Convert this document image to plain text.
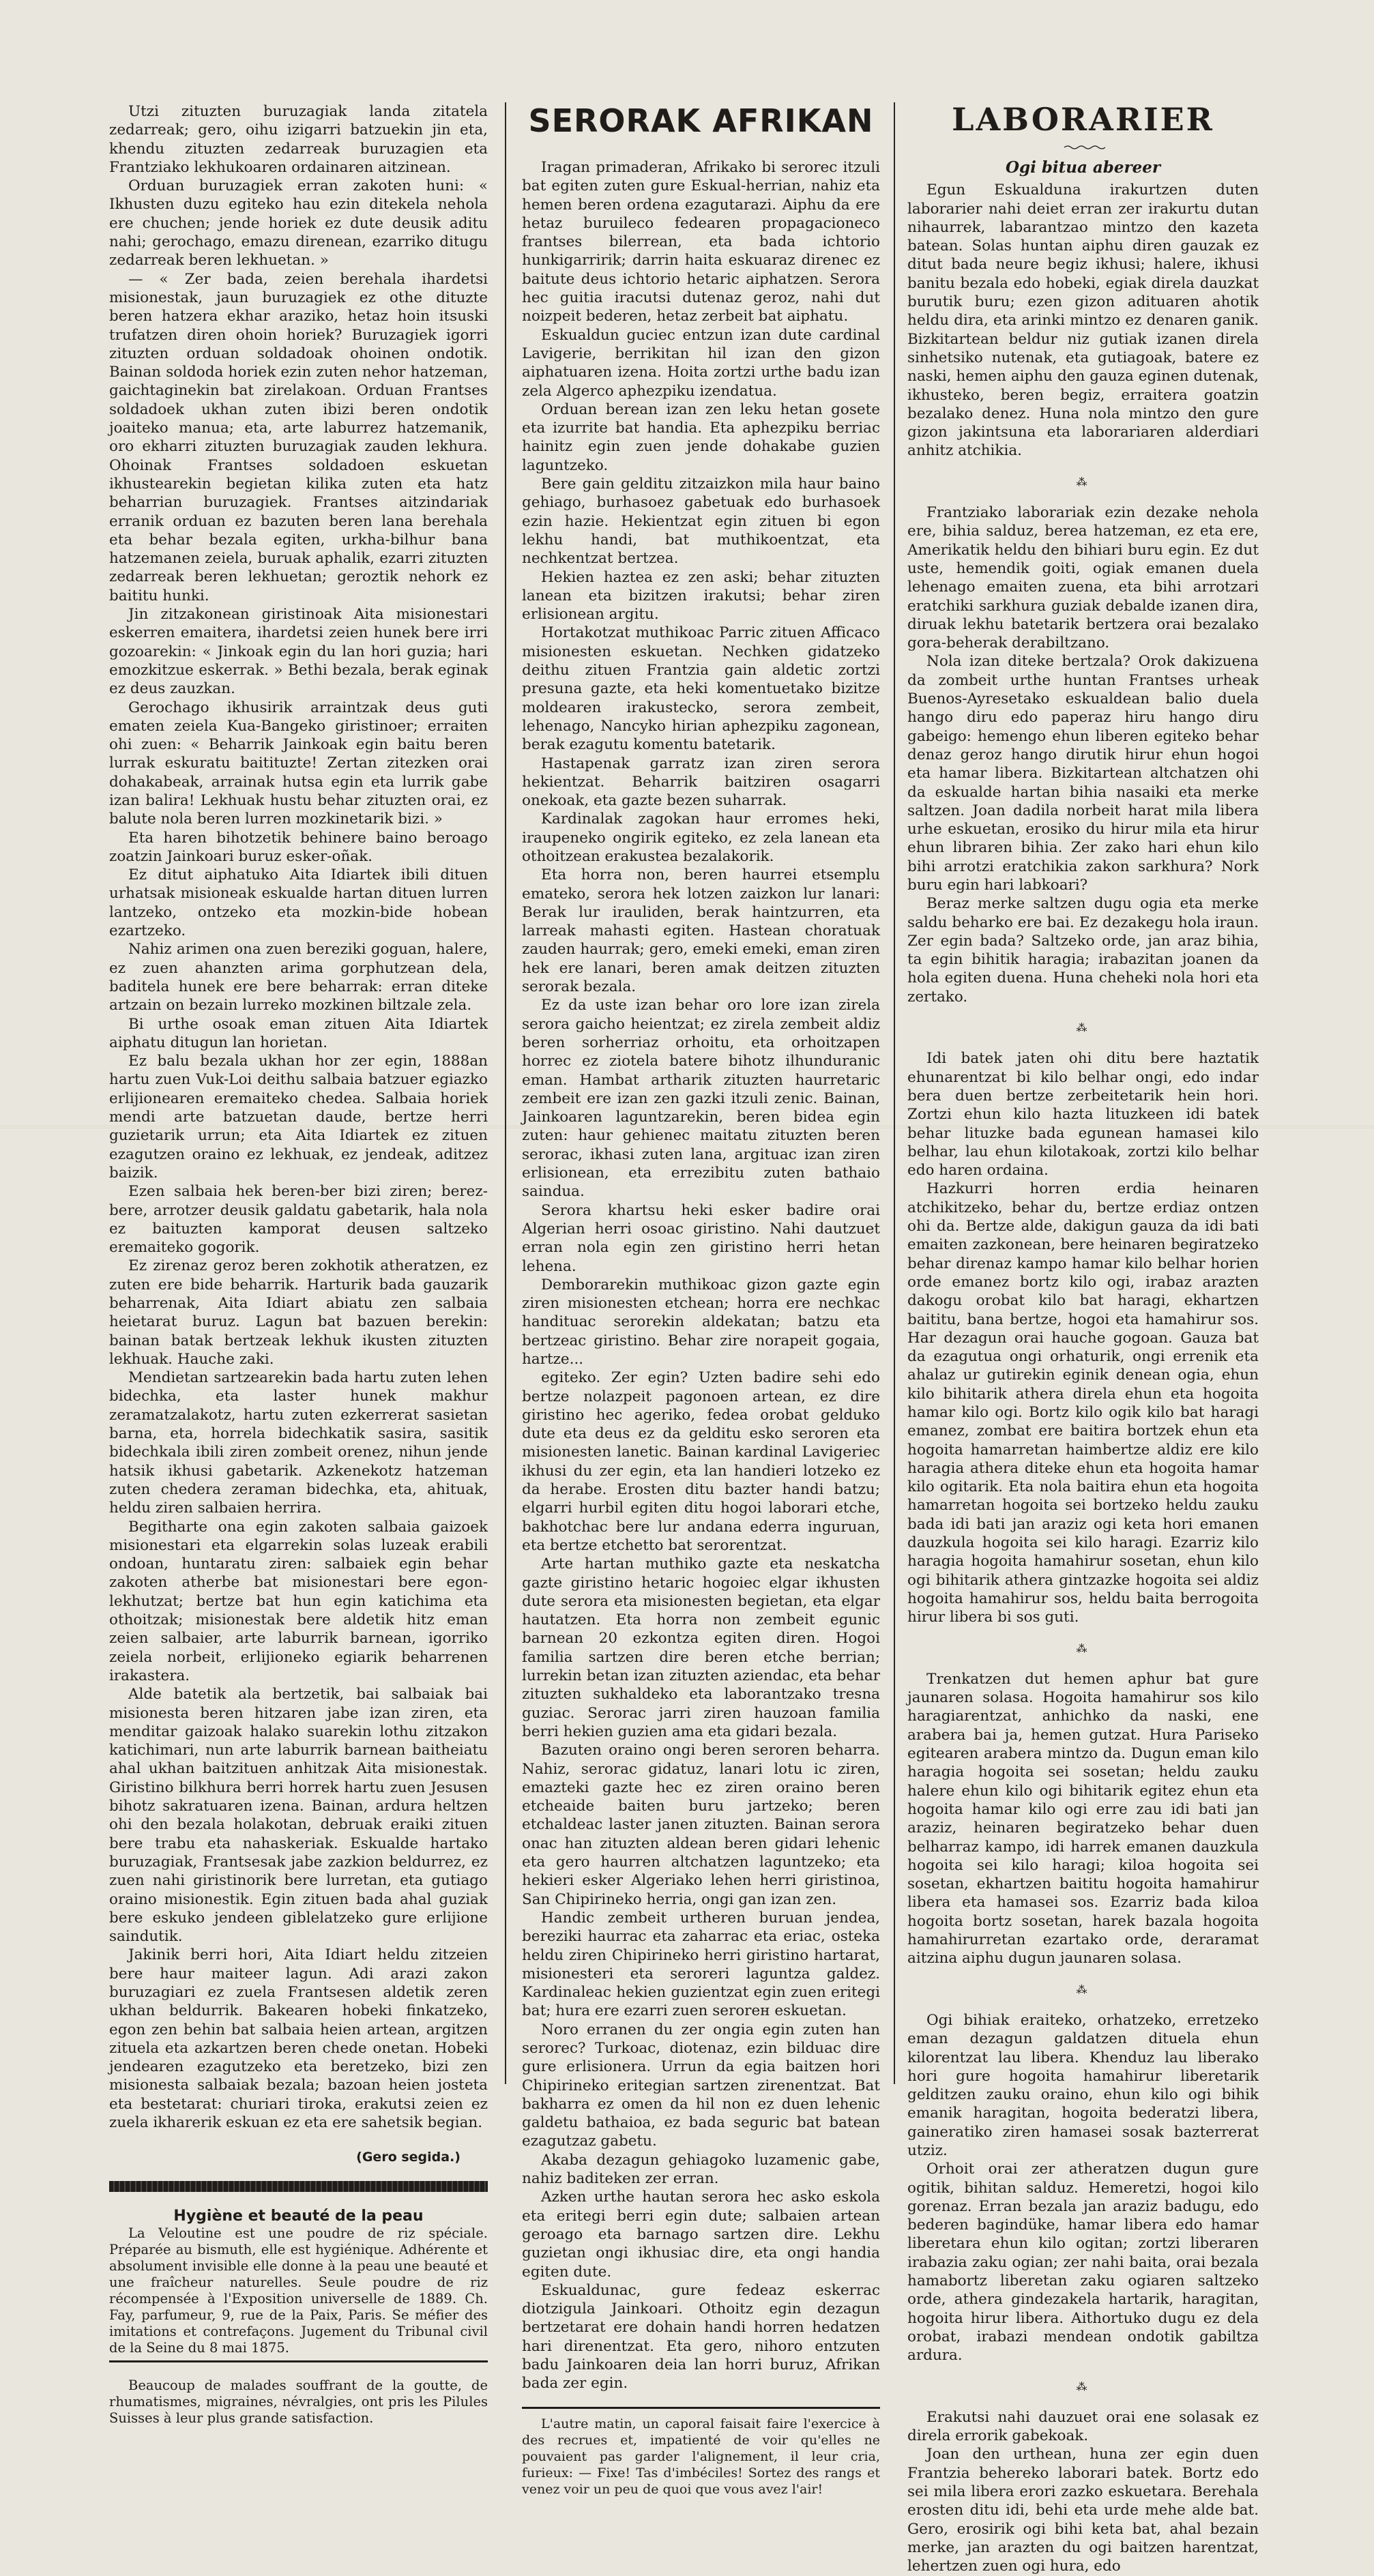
Utzi zituzten buruzagiak landa zitatela zedarreak; gero, oihu izigarri batzuekin jin eta, khendu zituzten zedarreak buruzagien eta Frantziako lekhukoaren ordainaren aitzinean.

Orduan buruzagiek erran zakoten huni: « Ikhusten duzu egiteko hau ezin ditekela nehola ere chuchen; jende horiek ez dute deusik aditu nahi; gerochago, emazu direnean, ezarriko ditugu zedarreak beren lekhuetan. »

— « Zer bada, zeien berehala ihardetsi misionestak, jaun buruzagiek ez othe dituzte beren hatzera ekhar araziko, hetaz hoin itsuski trufatzen diren ohoin horiek? Buruzagiek igorri zituzten orduan soldadoak ohoinen ondotik. Bainan soldoda horiek ezin zuten nehor hatzeman, gaichtaginekin bat zirelakoan. Orduan Frantses soldadoek ukhan zuten ibizi beren ondotik joaiteko manua; eta, arte laburrez hatzemanik, oro ekharri zituzten buruzagiak zauden lekhura. Ohoinak Frantses soldadoen eskuetan ikhustearekin begietan kilika zuten eta hatz beharrian buruzagiek. Frantses aitzindariak erranik orduan ez bazuten beren lana berehala eta behar bezala egiten, urkha-bilhur bana hatzemanen zeiela, buruak aphalik, ezarri zituzten zedarreak beren lekhuetan; geroztik nehork ez baititu hunki.

Jin zitzakonean giristinoak Aita misionestari eskerren emaitera, ihardetsi zeien hunek bere irri gozoarekin: « Jinkoak egin du lan hori guzia; hari emozkitzue eskerrak. » Bethi bezala, berak eginak ez deus zauzkan.

Gerochago ikhusirik arraintzak deus guti ematen zeiela Kua-Bangeko giristinoer; erraiten ohi zuen: « Beharrik Jainkoak egin baitu beren lurrak eskuratu baitituzte! Zertan zitezken orai dohakabeak, arrainak hutsa egin eta lurrik gabe izan balira! Lekhuak hustu behar zituzten orai, ez balute nola beren lurren mozkinetarik bizi. »

Eta haren bihotzetik behinere baino beroago zoatzin Jainkoari buruz esker-oñak.

Ez ditut aiphatuko Aita Idiartek ibili dituen urhatsak misioneak eskualde hartan dituen lurren lantzeko, ontzeko eta mozkin-bide hobean ezartzeko.

Nahiz arimen ona zuen bereziki goguan, halere, ez zuen ahanzten arima gorphutzean dela, baditela hunek ere bere beharrak: erran ditekе artzain on bezain lurreko mozkinen biltzale zela.

Bi urthe osoak eman zituen Aita Idiartek aiphatu ditugun lan horietan.

Ez balu bezala ukhan hor zer egin, 1888an hartu zuen Vuk-Loi deithu salbaia batzuer egiazko erlijionearen eremaiteko chedea. Salbaia horiek mendi arte batzuetan daude, bertze herri guzietarik urrun; eta Aita Idiartek ez zituen ezagutzen oraino ez lekhuak, ez jendeak, aditzez baizik.

Ezen salbaia hek beren-ber bizi ziren; berez-bere, arrotzer deusik galdatu gabetarik, hala nola ez baituzten kamporat deusen saltzeko eremaiteko gogorik.

Ez zirenaz geroz beren zokhotik atheratzen, ez zuten ere bide beharrik. Harturik bada gauzarik beharrenak, Aita Idiart abiatu zen salbaia heietarat buruz. Lagun bat bazuen berekin: bainan batak bertzeak lekhuk ikusten zituzten lekhuak. Hauche zaki.

Mendietan sartzearekin bada hartu zuten lehen bidechka, eta laster hunek makhur zeramatzalakotz, hartu zuten ezkerrerat sasietan barna, eta, horrela bidechkatik sasira, sasitik bidechkala ibili ziren zombeit orenez, nihun jende hatsik ikhusi gabetarik. Azkenekotz hatzeman zuten chedera zeraman bidechka, eta, ahituak, heldu ziren salbaien herrira.

Begitharte ona egin zakoten salbaia gaizoek misionestari eta elgarrekin solas luzeak erabili ondoan, huntaratu ziren: salbaiek egin behar zakoten atherbe bat misionestari bere egon-lekhutzat; bertze bat hun egin katichima eta othoitzak; misionestak bere aldetik hitz eman zeien salbaier, arte laburrik barnean, igorriko zeiela norbeit, erlijioneko egiarik beharrenen irakastera.

Alde batetik ala bertzetik, bai salbaiak bai misionesta beren hitzaren jabe izan ziren, eta menditar gaizoak halako suarekin lothu zitzakon katichimari, nun arte laburrik barnean baitheiatu ahal ukhan baitzituen anhitzak Aita misionestak. Giristino bilkhura berri horrek hartu zuen Jesusen bihotz sakratuaren izena. Bainan, ardura heltzen ohi den bezala holakotan, debruak eraiki zituen bere trabu eta nahaskeriak. Eskualde hartako buruzagiak, Frantsesak jabe zazkion beldurrez, ez zuen nahi giristinorik bere lurretan, eta gutiago oraino misionestik. Egin zituen bada ahal guziak bere eskuko jendeen giblelatzeko gure erlijione saindutik.

Jakinik berri hori, Aita Idiart heldu zitzeien bere haur maiteer lagun. Adi arazi zakon buruzagiari ez zuela Frantsesen aldetik zeren ukhan beldurrik. Bakearen hobeki finkatzeko, egon zen behin bat salbaia heien artean, argitzen zituela eta azkartzen beren chede onetan. Hobeki jendearen ezagutzeko eta beretzeko, bizi zen misionesta salbaiak bezala; bazoan heien josteta eta bestetarat: churiari tiroka, erakutsi zeien ez zuela ikharerik eskuan ez eta ere sahetsik begian.

(Gero segida.)

Hygiène et beauté de la peau

La Veloutine est une poudre de riz spéciale. Préparée au bismuth, elle est hygiénique. Adhérente et absolument invisible elle donne à la peau une beauté et une fraîcheur naturelles. Seule poudre de riz récompensée à l'Exposition universelle de 1889. Ch. Fay, parfumeur, 9, rue de la Paix, Paris. Se méfier des imitations et contrefaçons. Jugement du Tribunal civil de la Seine du 8 mai 1875.

Beaucoup de malades souffrant de la goutte, de rhumatismes, migraines, névralgies, ont pris les Pilules Suisses à leur plus grande satisfaction.

SERORAK AFRIKAN

Iragan primaderan, Afrikako bi serorec itzuli bat egiten zuten gure Eskual-herrian, nahiz eta hemen beren ordena ezagutarazi. Aiphu da ere hetaz buruileco fedearen propagacioneco frantses bilerrean, eta bada ichtorio hunkigarririk; darrin haita eskuaraz direnec ez baitute deus ichtorio hetaric aiphatzen. Serora hec guitia iracutsi dutenaz geroz, nahi dut noizpeit bederen, hetaz zerbeit bat aiphatu.

Eskualdun guciec entzun izan dute cardinal Lavigerie, berrikitan hil izan den gizon aiphatuaren izena. Hoita zortzi urthe badu izan zela Algerco aphezpiku izendatua.

Orduan berean izan zen leku hetan gosete eta izurrite bat handia. Eta aphezpiku berriac hainitz egin zuen jende dohakabe guzien laguntzeko.

Bere gain gelditu zitzaizkon mila haur baino gehiago, burhasoez gabetuak edo burhasoek ezin hazie. Hekientzat egin zituen bi egon lekhu handi, bat muthikoentzat, eta nechkentzat bertzea.

Hekien haztea ez zen aski; behar zituzten lanean eta bizitzen irakutsi; behar ziren erlisionean argitu.

Hortakotzat muthikoac Parriс zituen Afficaco misionesten eskuetan. Nechken gidatzeko deithu zituen Frantzia gain aldetic zortzi presuna gazte, eta heki komentuetako bizitze moldearen irakustecko, serora zembeit, lehenago, Nancyko hirian aphezpiku zagonean, berak ezagutu komentu batetarik.

Hastapenak garratz izan ziren serora hekientzat. Beharrik baitziren osagarri onekoak, eta gazte bezen suharrak.

Kardinalak zagokan haur erromes heki, iraupeneko ongirik egiteko, ez zela lanean eta othoitzean erakustea bezalakorik.

Eta horra non, beren haurrei etsemplu emateko, serora hek lotzen zaizkon lur lanari: Berak lur irauliden, berak haintzurren, eta larreak mahasti egiten. Hastean choratuak zauden haurrak; gero, emeki emeki, eman ziren hek ere lanari, beren amak deitzen zituzten serorak bezala.

Ez da uste izan behar oro lore izan zirela serora gaicho heientzat; ez zirela zembeit aldiz beren sorherriaz orhoitu, eta orhoitzapen horrec ez ziotela batere bihotz ilhunduranic eman. Hambat artharik zituzten haurretaric zembeit ere izan zen gazki itzuli zenic. Bainan, Jainkoaren laguntzarekin, beren bidea egin zuten: haur gehienec maitatu zituzten beren serorac, ikhasi zuten lana, argituac izan ziren erlisionean, eta errezibitu zuten bathaio saindua.

Serora khartsu heki esker badire orai Algerian herri osoac giristino. Nahi dautzuet erran nola egin zen giristino herri hetan lehena.

Demborarekin muthikoac gizon gazte egin ziren misionesten etchean; horra ere nechkac handituac serorekin aldekatan; batzu eta bertzeac giristino. Behar zire norapeit gogaia, hartze...

egiteko. Zer egin? Uzten badire sehi edo bertze nolazpeit pagonoen artean, ez dire giristino hec ageriko, fedea orobat gelduko dute eta deus ez da gelditu esko seroren eta misionesten lanetic. Bainan kardinal Lavigeriec ikhusi du zer egin, eta lan handieri lotzeko ez da herabe. Erosten ditu bazter handi batzu; elgarri hurbil egiten ditu hogoi laborari etche, bakhotchac bere lur andana ederra inguruan, eta bertze etchetto bat serorentzat.

Arte hartan muthiko gazte eta neskatcha gazte giristino hetaric hogoiec elgar ikhusten dute serora eta misionesten begietan, eta elgar hautatzen. Eta horra non zembeit egunic barnean 20 ezkontza egiten diren. Hogoi familia sartzen dire beren etche berrian; lurrekin betan izan zituzten aziendac, eta behar zituzten sukhaldeko eta laborantzako tresna guziac. Serorac jarri ziren hauzoan familia berri hekien guzien ama eta gidari bezala.

Bazuten oraino ongi beren seroren beharra. Nahiz, serorac gidatuz, lanari lotu ic ziren, emazteki gazte hec ez ziren oraino beren etcheaide baiten buru jartzeko; beren etchaldeac laster janen zituzten. Bainan serora onac han zituzten aldean beren gidari lehenic eta gero haurren altchatzen laguntzeko; eta hekieri esker Algeriako lehen herri giristinoa, San Chipirineko herria, ongi gan izan zen.

Handic zembeit urtheren buruan jendea, bereziki haurrac eta zaharrac eta eriac, osteka heldu ziren Chipirineko herri giristino hartarat, misionesteri eta seroreri laguntza galdez. Kardinaleac hekien guzientzat egin zuen eritegi bat; hura ere ezarri zuen serorен eskuetan.

Noro erranen du zer ongia egin zuten han serorec? Turkoac, diotenaz, ezin bilduac dire gure erlisionera. Urrun da egia baitzen hori Chipirineko eritegian sartzen zirenentzat. Bat bakharra ez omen da hil non ez duen lehenic galdetu bathaioa, ez bada seguric bat batean ezagutzaz gabetu.

Akaba dezagun gehiagoko luzamenic gabe, nahiz baditeken zer erran.

Azken urthe hautan serora hec asko eskola eta eritegi berri egin dute; salbaien artean geroago eta barnago sartzen dire. Lekhu guzietan ongi ikhusiac dire, eta ongi handia egiten dute.

Eskualdunac, gure fedeaz eskerrac diotzigula Jainkoari. Othoitz egin dezagun bertzetarat ere dohain handi horren hedatzen hari direnentzat. Eta gero, nihoro entzuten badu Jainkoaren deia lan horri buruz, Afrikan bada zer egin.

L'autre matin, un caporal faisait faire l'exercice à des recrues et, impatienté de voir qu'elles ne pouvaient pas garder l'alignement, il leur cria, furieux: — Fixe! Tas d'imbéciles! Sortez des rangs et venez voir un peu de quoi que vous avez l'air!

LABORARIER

Ogi bitua abereer

Egun Eskualduna irakurtzen duten laborarier nahi deiet erran zer irakurtu dutan nihaurrek, labarantzao mintzo den kazeta batean. Solas huntan aiphu diren gauzak ez ditut bada neure begiz ikhusi; halere, ikhusi banitu bezala edo hobeki, egiak direla dauzkat burutik buru; ezen gizon adituaren ahotik heldu dira, eta arinki mintzo ez denaren ganik. Bizkitartean beldur niz gutiak izanen direla sinhetsiko nutenak, eta gutiagoak, batere ez naski, hemen aiphu den gauza eginen dutenak, ikhusteko, beren begiz, erraitera goatzin bezalako denez. Huna nola mintzo den gure gizon jakintsuna eta laborariaren alderdiari anhitz atchikia.

⁂

Frantziako laborariak ezin dezake nehola ere, bihia salduz, berea hatzeman, ez eta ere, Amerikatik heldu den bihiari buru egin. Ez dut uste, hemendik goiti, ogiak emanen duela lehenago emaiten zuena, eta bihi arrotzari eratchiki sarkhura guziak debalde izanen dira, diruak lekhu batetarik bertzera orai bezalako gora-beherak derabiltzano.

Nola izan diteke bertzala? Orok dakizuena da zombeit urthe huntan Frantses urheak Buenos-Ayresetako eskualdean balio duela hango diru edo paperaz hiru hango diru gabeigo: hemengo ehun liberen egiteko behar denaz geroz hango dirutik hirur ehun hogoi eta hamar libera. Bizkitartean altchatzen ohi da eskualde hartan bihia nasaiki eta merke saltzen. Joan dadila norbeit harat mila libera urhe eskuetan, erosiko du hirur mila eta hirur ehun libraren bihia. Zer zako hari ehun kilo bihi arrotzi eratchikia zakon sarkhura? Nork buru egin hari labkoari?

Beraz merke saltzen dugu ogia eta merke saldu beharko ere bai. Ez dezakegu hola iraun. Zer egin bada? Saltzeko orde, jan araz bihia, ta egin bihitik haragia; irabazitan joanen da hola egiten duena. Huna cheheki nola hori eta zertako.

⁂

Idi batek jaten ohi ditu bere haztatik ehunarentzat bi kilo belhar ongi, edo indar bera duen bertze zerbeitetarik hein hori. Zortzi ehun kilo hazta lituzkeen idi batek behar lituzke bada egunean hamasei kilo belhar, lau ehun kilotakoak, zortzi kilo belhar edo haren ordaina.

Hazkurri horren erdia heinaren atchikitzeko, behar du, bertze erdiaz ontzen ohi da. Bertze alde, dakigun gauza da idi bati emaiten zazkonean, bere heinaren begiratzeko behar direnaz kampo hamar kilo belhar horien orde emanez bortz kilo ogi, irabaz arazten dakogu orobat kilo bat haragi, ekhartzen baititu, bana bertze, hogoi eta hamahirur sos. Har dezagun orai hauche gogoan. Gauza bat da ezagutua ongi orhaturik, ongi errenik eta ahalaz ur gutirekin eginik denean ogia, ehun kilo bihitarik athera direla ehun eta hogoita hamar kilo ogi. Bortz kilo ogik kilo bat haragi emanez, zombat ere baitira bortzek ehun eta hogoita hamarretan haimbertze aldiz ere kilo haragia athera ditekе ehun eta hogoita hamar kilo ogitarik. Eta nola baitira ehun eta hogoita hamarretan hogoita sei bortzeko heldu zauku bada idi bati jan araziz ogi keta hori emanen dauzkula hogoita sei kilo haragi. Ezarriz kilo haragia hogoita hamahirur sosetan, ehun kilo ogi bihitarik athera gintzazke hogoita sei aldiz hogoita hamahirur sos, heldu baita berrogoita hirur libera bi sos guti.

⁂

Trenkatzen dut hemen aphur bat gure jaunaren solasa. Hogoita hamahirur sos kilo haragiarentzat, anhichko da naski, ene arabera bai ja, hemen gutzat. Hura Pariseko egitearen arabera mintzo da. Dugun eman kilo haragia hogoita sei sosetan; heldu zauku halere ehun kilo ogi bihitarik egitez ehun eta hogoita hamar kilo ogi erre zau idi bati jan araziz, heinaren begiratzeko behar duen belharraz kampo, idi harrek emanen dauzkula hogoita sei kilo haragi; kiloa hogoita sei sosetan, ekhartzen baititu hogoita hamahirur libera eta hamasei sos. Ezarriz bada kiloa hogoita bortz sosetan, harek bazala hogoita hamahirurretan ezartako orde, deraramat aitzina aiphu dugun jaunaren solasa.

⁂

Ogi bihiak eraiteko, orhatzeko, erretzeko eman dezagun galdatzen dituela ehun kilorentzat lau libera. Khenduz lau liberako hori gure hogoita hamahirur liberetarik gelditzen zauku oraino, ehun kilo ogi bihik emanik haragitan, hogoita bederatzi libera, gaineratiko ziren hamasei sosak bazterrerat utziz.

Orhoit orai zer atheratzen dugun gure ogitik, bihitan salduz. Hemeretzi, hogoi kilo gorenaz. Erran bezala jan araziz badugu, edo bederen bagindüke, hamar libera edo hamar liberetara ehun kilo ogitan; zortzi liberaren irabazia zaku ogian; zer nahi baita, orai bezala hamabortz liberetan zaku ogiaren saltzeko orde, athera gindezakela hartarik, haragitan, hogoita hirur libera. Aithortuko dugu ez dela orobat, irabazi mendean ondotik gabiltza ardura.

⁂

Erakutsi nahi dauzuet orai ene solasak ez direla errorik gabekoak.

Joan den urthean, huna zer egin duen Frantzia behereko laborari batek. Bortz edo sei mila libera erori zazko eskuetara. Berehala erosten ditu idi, behi eta urde mehe alde bat. Gero, erosirik ogi bihi keta bat, ahal bezain merke, jan arazten du ogi baitzen harentzat, lehertzen zuen ogi hura, edo
